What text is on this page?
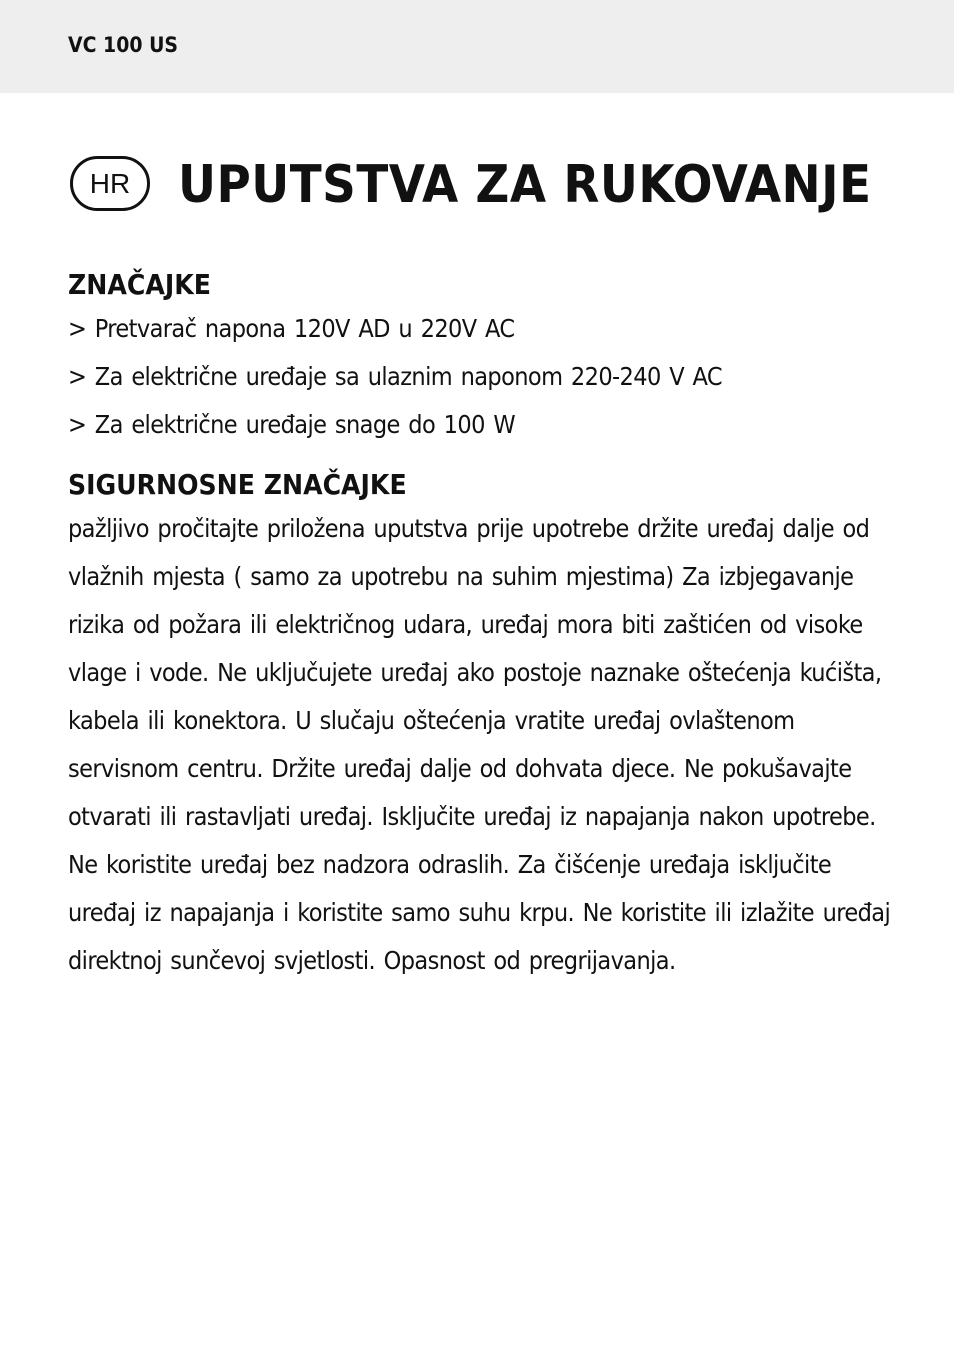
VC 100 US
HR UPUTSTVA ZA RUKOVANJE
ZNAČAJKE
> Pretvarač napona 120V AD u 220V AC
> Za električne uređaje sa ulaznim naponom 220-240 V AC
> Za električne uređaje snage do 100 W
SIGURNOSNE ZNAČAJKE

pažljivo pročitajte priložena uputstva prije upotrebe držite uređaj dalje od vlažnih mjesta ( samo za upotrebu na suhim mjestima) Za izbjegavanje rizika od požara ili električnog udara, uređaj mora biti zaštićen od visoke vlage i vode. Ne uključujete uređaj ako postoje naznake oštećenja kućišta, kabela ili konektora. U slučaju oštećenja vratite uređaj ovlaštenom servisnom centru. Držite uređaj dalje od dohvata djece. Ne pokušavajte otvarati ili rastavljati uređaj. Isključite uređaj iz napajanja nakon upotrebe. Ne koristite uređaj bez nadzora odraslih. Za čišćenje uređaja isključite uređaj iz napajanja i koristite samo suhu krpu. Ne koristite ili izlažite uređaj direktnoj sunčevoj svjetlosti. Opasnost od pregrijavanja.
